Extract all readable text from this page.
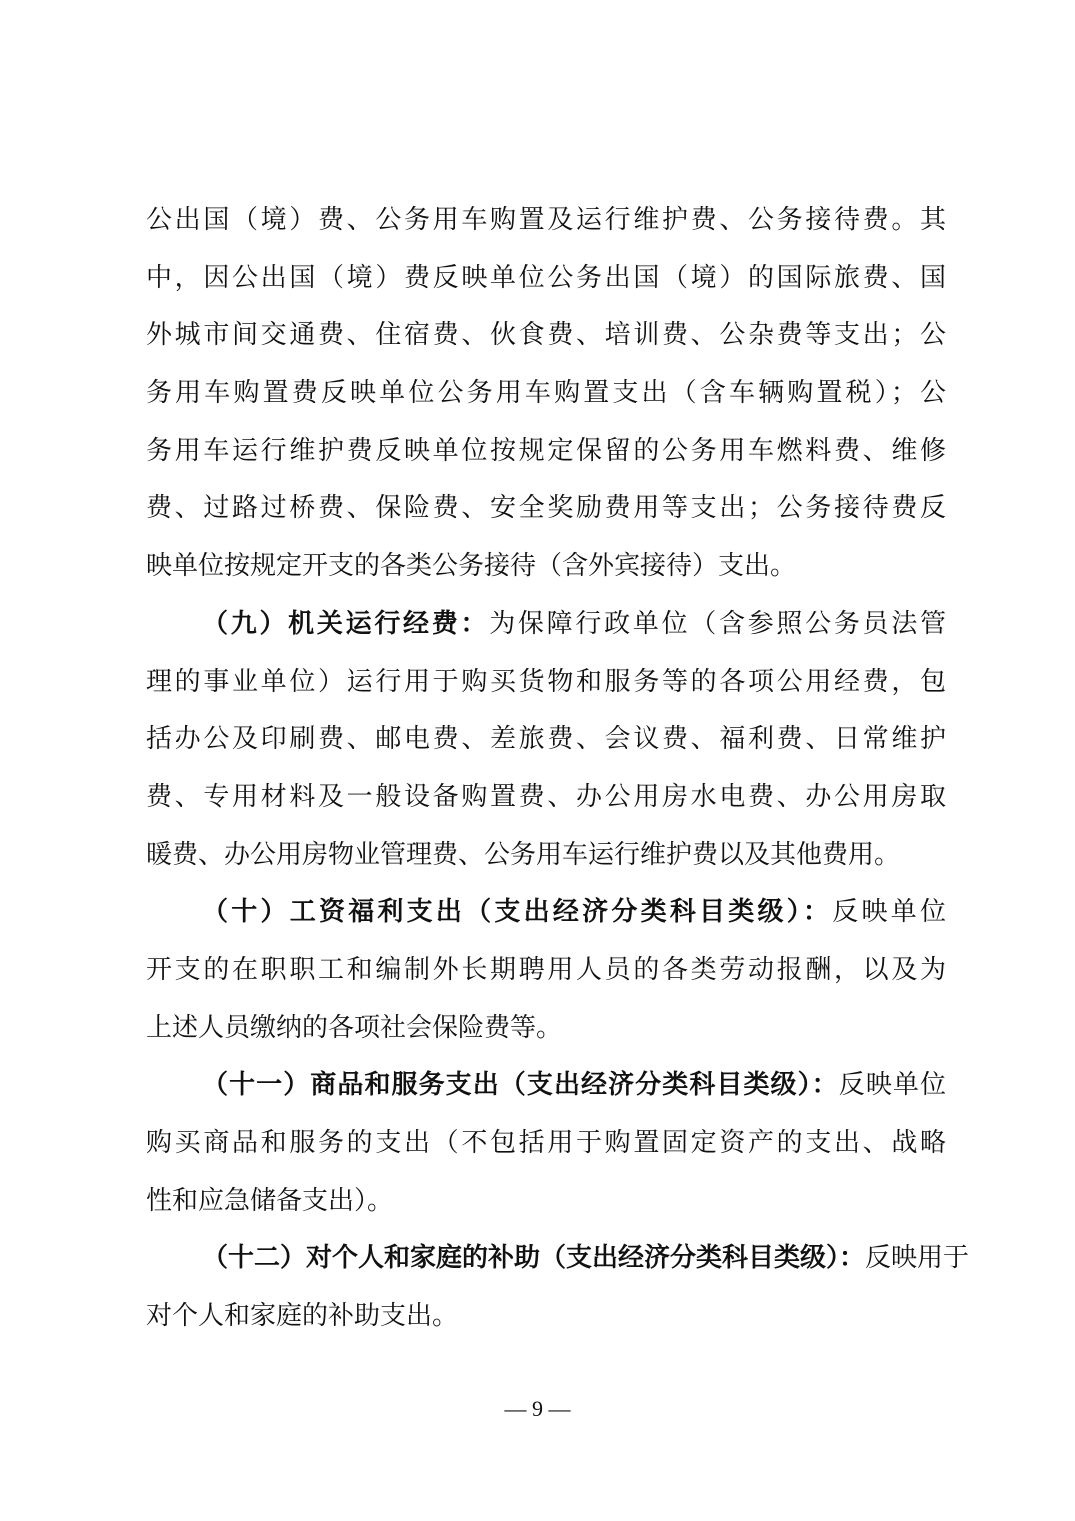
公出国（境）费、公务用车购置及运行维护费、公务接待费。其
中，因公出国（境）费反映单位公务出国（境）的国际旅费、国
外城市间交通费、住宿费、伙食费、培训费、公杂费等支出；公
务用车购置费反映单位公务用车购置支出（含车辆购置税）；公
务用车运行维护费反映单位按规定保留的公务用车燃料费、维修
费、过路过桥费、保险费、安全奖励费用等支出；公务接待费反
映单位按规定开支的各类公务接待（含外宾接待）支出。
（九）机关运行经费：为保障行政单位（含参照公务员法管
理的事业单位）运行用于购买货物和服务等的各项公用经费，包
括办公及印刷费、邮电费、差旅费、会议费、福利费、日常维护
费、专用材料及一般设备购置费、办公用房水电费、办公用房取
暖费、办公用房物业管理费、公务用车运行维护费以及其他费用。
（十）工资福利支出（支出经济分类科目类级）：反映单位
开支的在职职工和编制外长期聘用人员的各类劳动报酬，以及为
上述人员缴纳的各项社会保险费等。
（十一）商品和服务支出（支出经济分类科目类级）：反映单位
购买商品和服务的支出（不包括用于购置固定资产的支出、战略
性和应急储备支出）。
（十二）对个人和家庭的补助（支出经济分类科目类级）：反映用于
对个人和家庭的补助支出。
— 9 —
